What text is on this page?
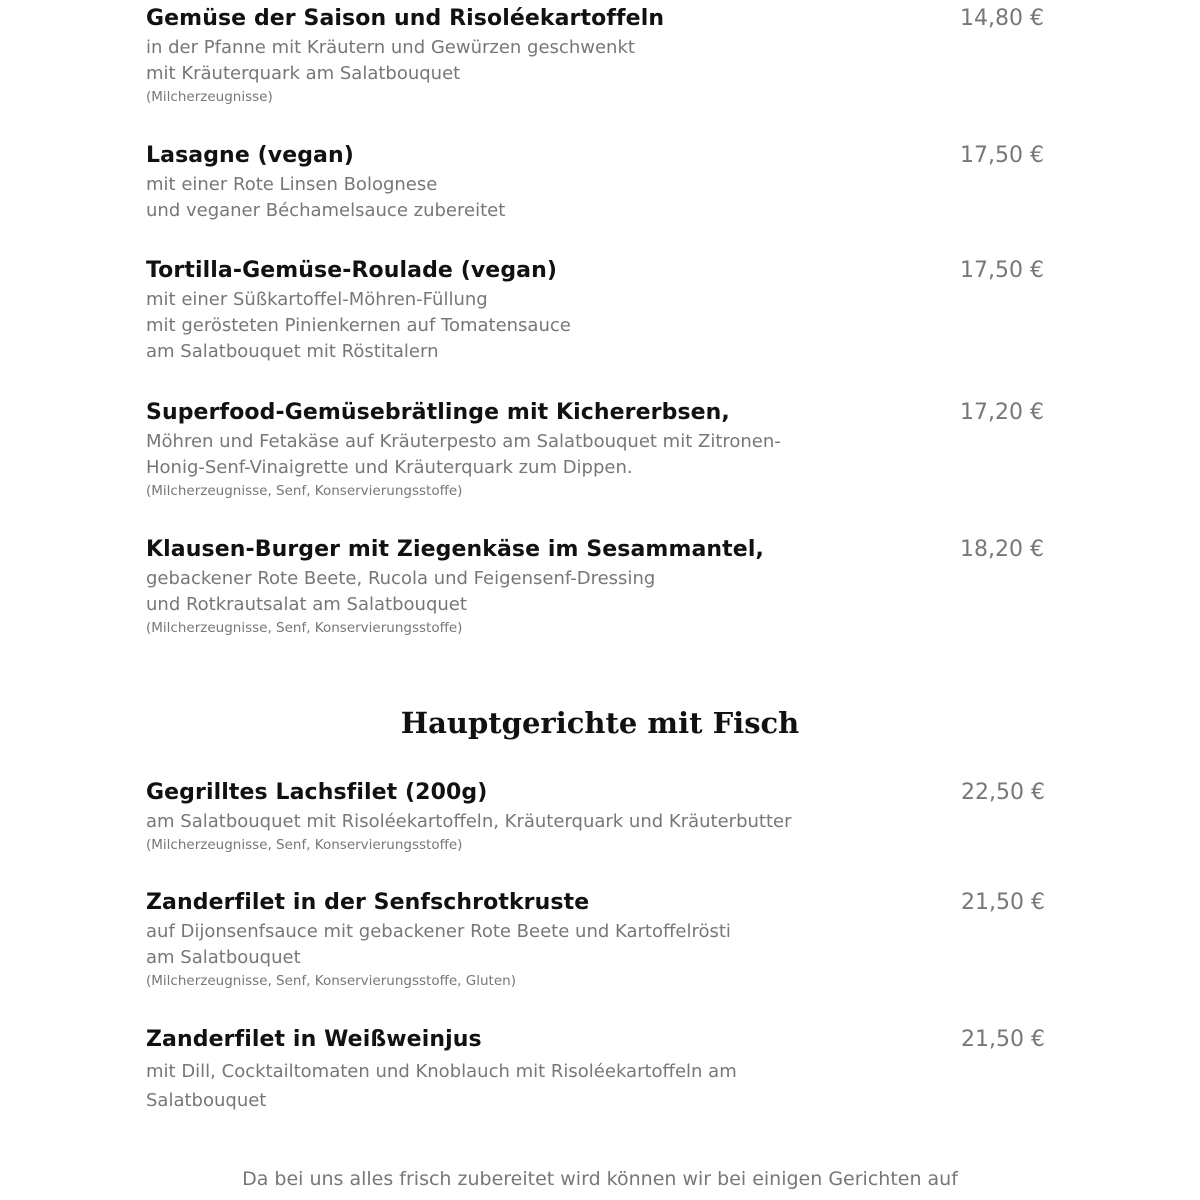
Gemüse der Saison und Risoléekartoffeln	14,80 €
in der Pfanne mit Kräutern und Gewürzen geschwenkt
mit Kräuterquark am Salatbouquet
(Milcherzeugnisse)
Lasagne (vegan)	17,50 €
mit einer Rote Linsen Bolognese
und veganer Béchamelsauce zubereitet
Tortilla-Gemüse-Roulade (vegan)	17,50 €
mit einer Süßkartoffel-Möhren-Füllung
mit gerösteten Pinienkernen auf Tomatensauce
am Salatbouquet mit Röstitalern
Superfood-Gemüsebrätlinge mit Kichererbsen,	17,20 €
Möhren und Fetakäse auf Kräuterpesto am Salatbouquet mit Zitronen-
Honig-Senf-Vinaigrette und Kräuterquark zum Dippen.
(Milcherzeugnisse, Senf, Konservierungsstoffe)
Klausen-Burger mit Ziegenkäse im Sesammantel,	18,20 €
gebackener Rote Beete, Rucola und Feigensenf-Dressing
und Rotkrautsalat am Salatbouquet
(Milcherzeugnisse, Senf, Konservierungsstoffe)
Hauptgerichte mit Fisch
Gegrilltes Lachsfilet (200g)	22,50 €
am Salatbouquet mit Risoléekartoffeln, Kräuterquark und Kräuterbutter
(Milcherzeugnisse, Senf, Konservierungsstoffe)
Zanderfilet in der Senfschrotkruste	21,50 €
auf Dijonsenfsauce mit gebackener Rote Beete und Kartoffelrösti
am Salatbouquet
(Milcherzeugnisse, Senf, Konservierungsstoffe, Gluten)
Zanderfilet in Weißweinjus	21,50 €
mit Dill, Cocktailtomaten und Knoblauch mit Risoléekartoffeln am
Salatbouquet
Da bei uns alles frisch zubereitet wird können wir bei einigen Gerichten auf
